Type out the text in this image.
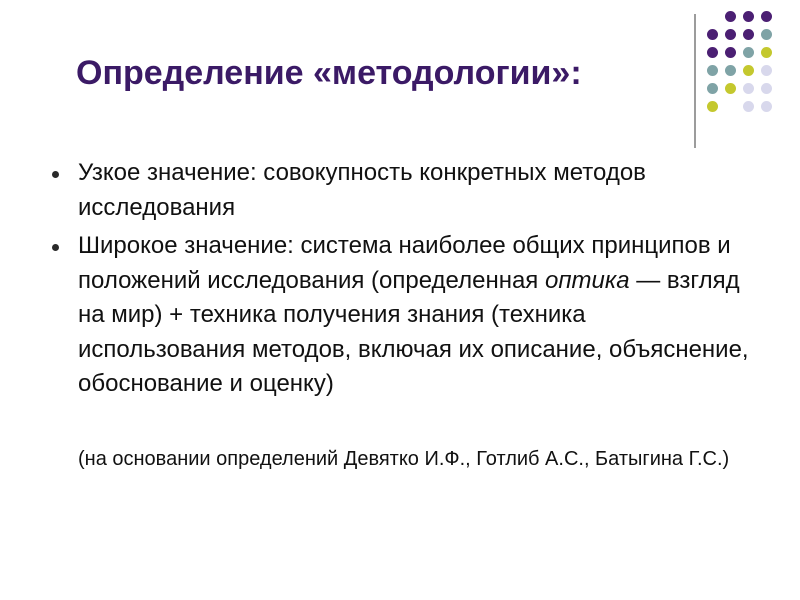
Определение «методологии»:
Узкое значение: совокупность конкретных методов исследования
Широкое значение: система наиболее общих принципов и положений исследования (определенная оптика — взгляд на мир) + техника получения знания (техника использования методов, включая их описание, объяснение, обоснование и оценку)

(на основании определений Девятко И.Ф., Готлиб А.С., Батыгина Г.С.)
